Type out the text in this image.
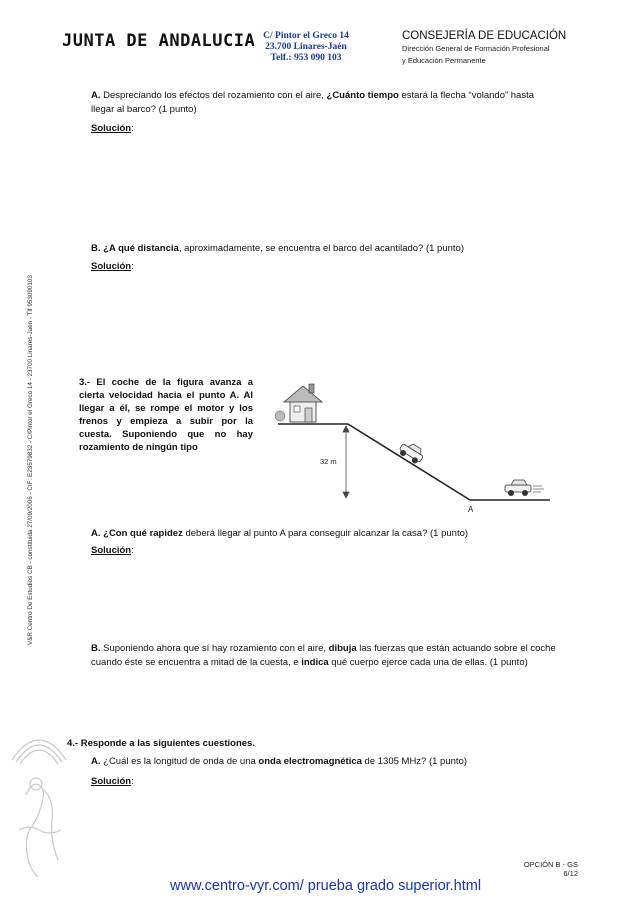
JUNTA DE ANDALUCIA C/ Pintor el Greco 14
23.700 Linares-Jaén
Telf.: 953 090 103
CONSEJERÍA DE EDUCACIÓN
Dirección General de Formación Profesional
y Educación Permanente
V&R Centro De Estudios CB - constituida 27/09/2006 - CIF: E23579832 - C/Pintor el Greco 14 - 23700 Linares-Jaén - Tlf 953090103
A. Despreciando los efectos del rozamiento con el aire, ¿Cuánto tiempo estará la flecha “volando” hasta
llegar al barco? (1 punto)
Solución:
B. ¿A qué distancia, aproximadamente, se encuentra el barco del acantilado? (1 punto)
Solución:
3.- El coche de la figura avanza a cierta velocidad hacia el punto A. Al llegar a él, se rompe el motor y los frenos y empieza a subir por la cuesta. Suponiendo que no hay rozamiento de ningún tipo
32 m
A
A. ¿Con qué rapidez deberá llegar al punto A para conseguir alcanzar la casa? (1 punto)
Solución:
B. Suponiendo ahora que sí hay rozamiento con el aire, dibuja las fuerzas que están actuando sobre el coche
cuando éste se encuentra a mitad de la cuesta, e indica qué cuerpo ejerce cada una de ellas. (1 punto)
4.- Responde a las siguientes cuestiones.
A. ¿Cuál es la longitud de onda de una onda electromagnética de 1305 MHz? (1 punto)
Solución:
OPCIÓN B - GS
6/12
www.centro-vyr.com/ prueba grado superior.html
